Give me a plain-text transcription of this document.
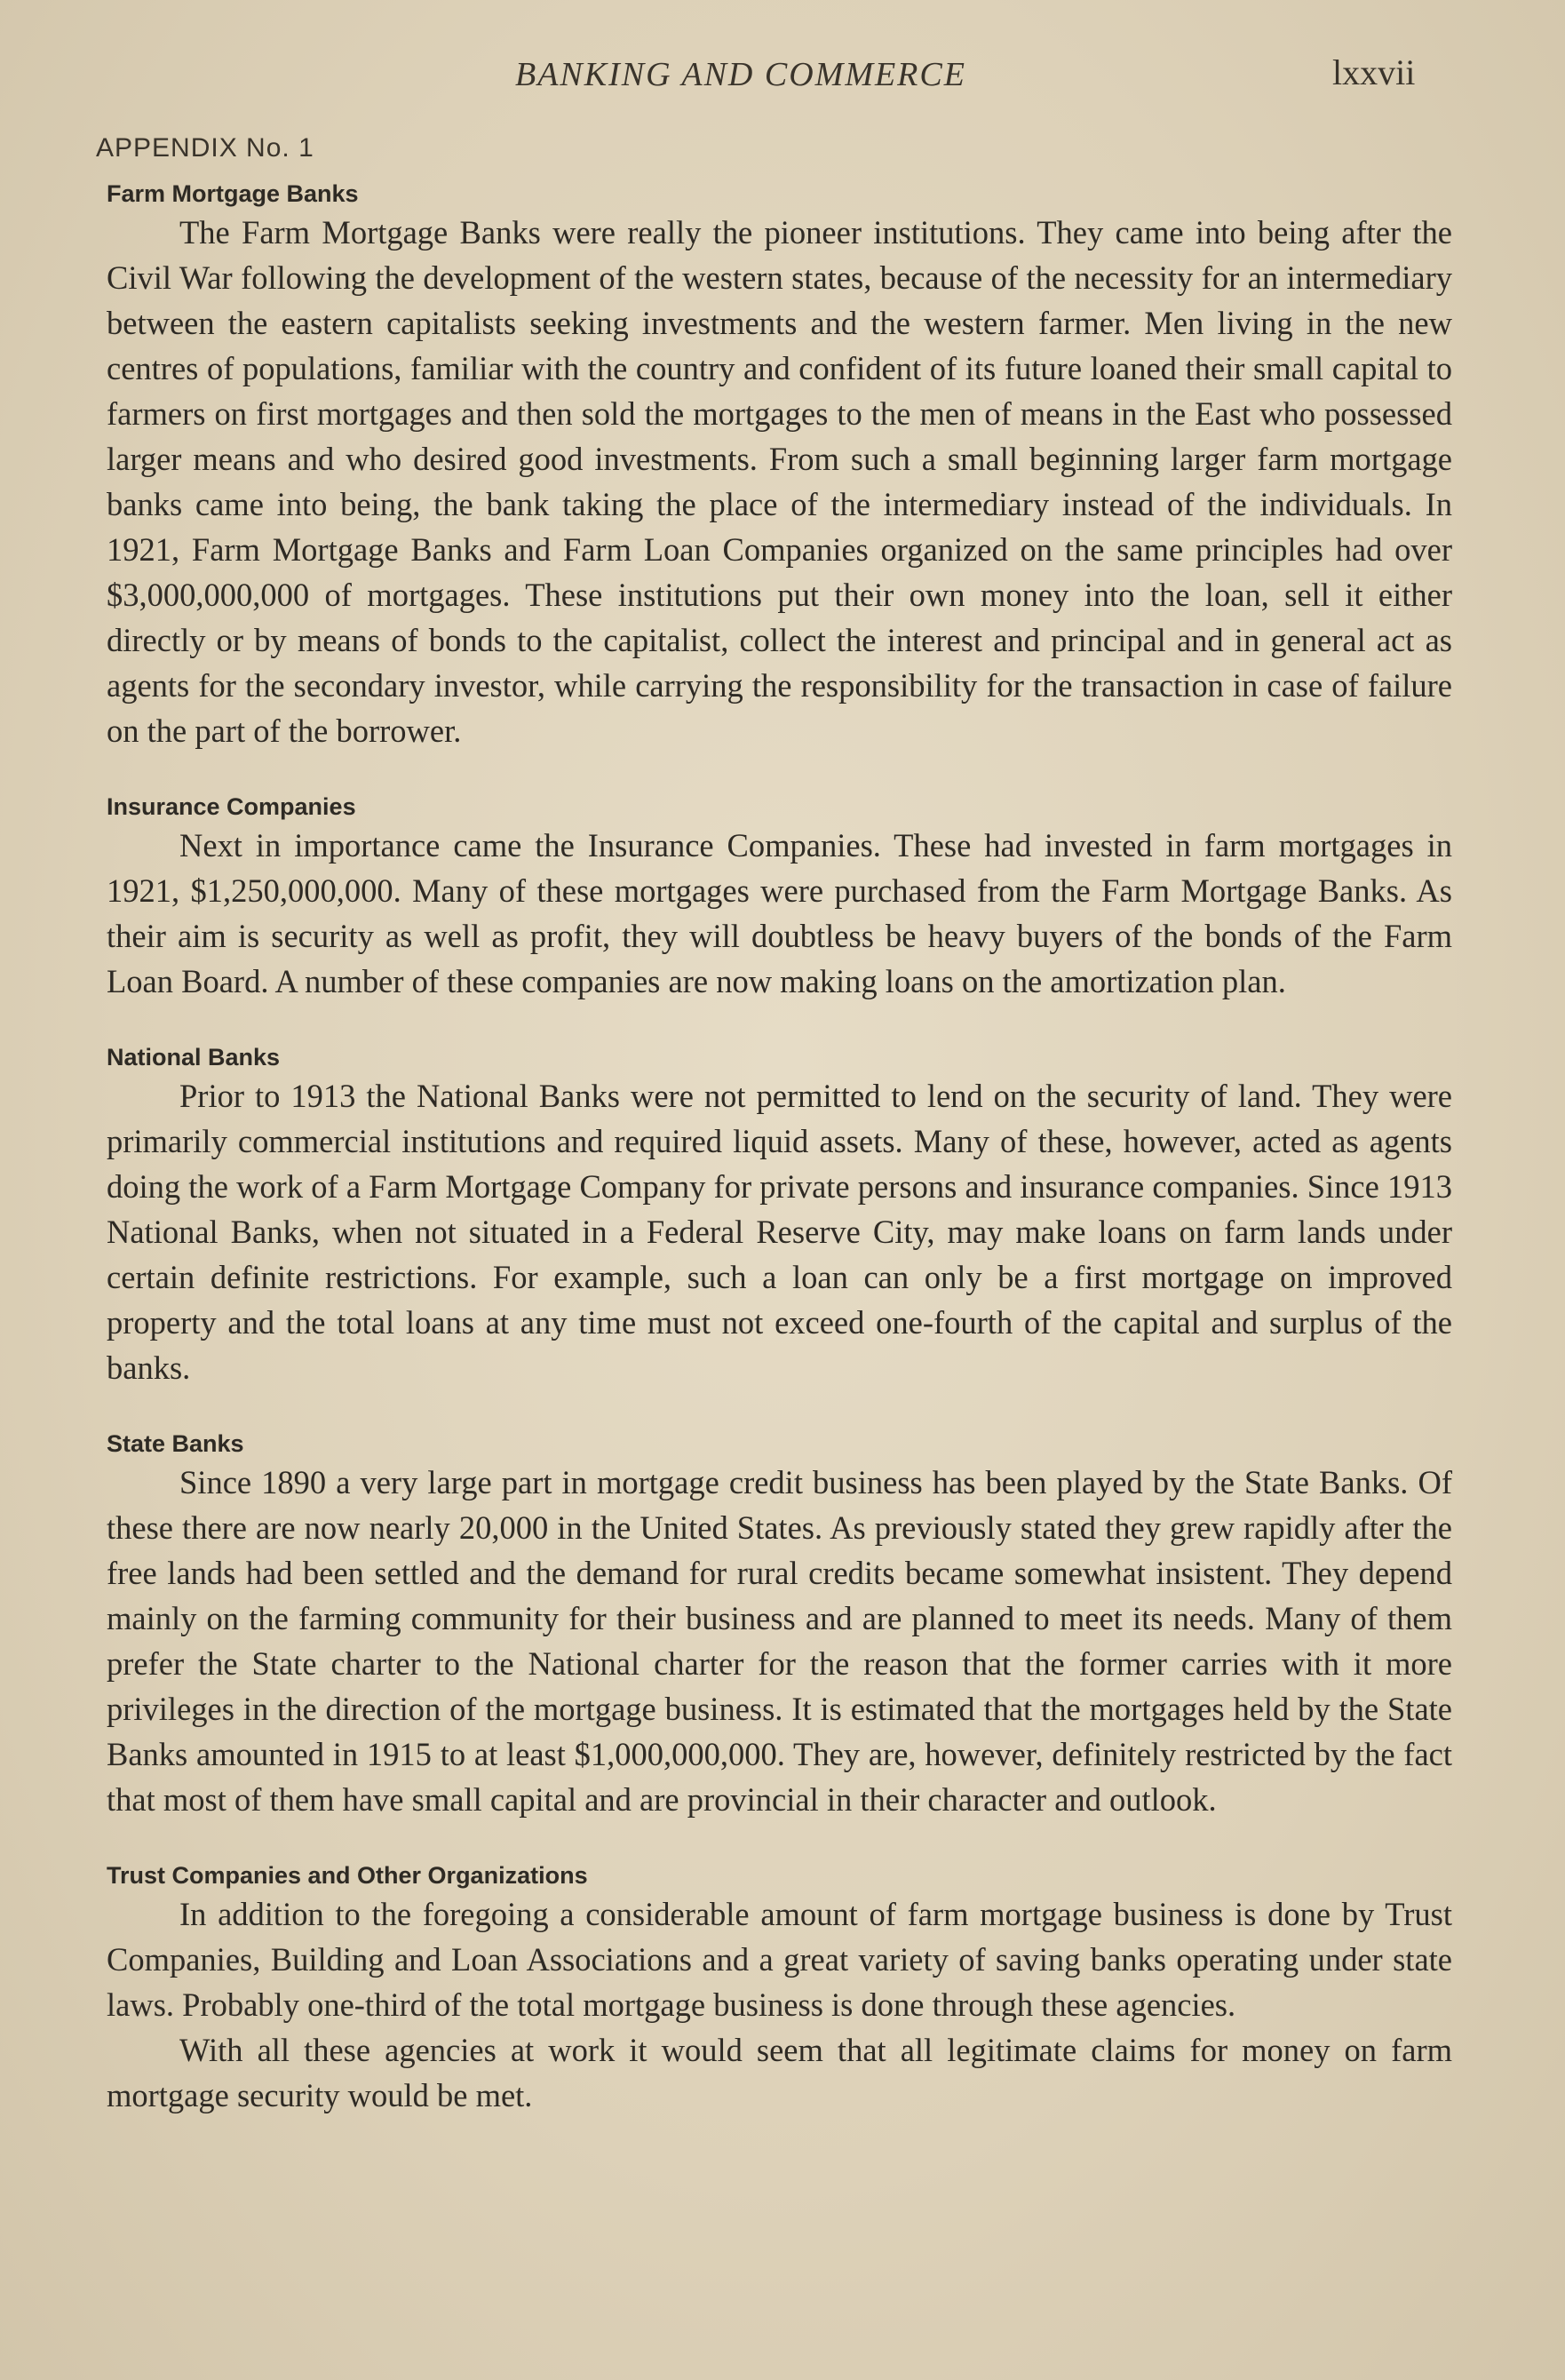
BANKING AND COMMERCE	lxxvii
APPENDIX No. 1
Farm Mortgage Banks

The Farm Mortgage Banks were really the pioneer institutions. They came into being after the Civil War following the development of the western states, because of the necessity for an intermediary between the eastern capitalists seeking investments and the western farmer. Men living in the new centres of populations, familiar with the country and confident of its future loaned their small capital to farmers on first mortgages and then sold the mortgages to the men of means in the East who possessed larger means and who desired good investments. From such a small beginning larger farm mortgage banks came into being, the bank taking the place of the intermediary instead of the individuals. In 1921, Farm Mortgage Banks and Farm Loan Companies organized on the same principles had over $3,000,000,000 of mortgages. These institutions put their own money into the loan, sell it either directly or by means of bonds to the capitalist, collect the interest and principal and in general act as agents for the secondary investor, while carrying the responsibility for the transaction in case of failure on the part of the borrower.

Insurance Companies

Next in importance came the Insurance Companies. These had invested in farm mortgages in 1921, $1,250,000,000. Many of these mortgages were purchased from the Farm Mortgage Banks. As their aim is security as well as profit, they will doubtless be heavy buyers of the bonds of the Farm Loan Board. A number of these companies are now making loans on the amortization plan.

National Banks

Prior to 1913 the National Banks were not permitted to lend on the security of land. They were primarily commercial institutions and required liquid assets. Many of these, however, acted as agents doing the work of a Farm Mortgage Company for private persons and insurance companies. Since 1913 National Banks, when not situated in a Federal Reserve City, may make loans on farm lands under certain definite restrictions. For example, such a loan can only be a first mortgage on improved property and the total loans at any time must not exceed one-fourth of the capital and surplus of the banks.

State Banks

Since 1890 a very large part in mortgage credit business has been played by the State Banks. Of these there are now nearly 20,000 in the United States. As previously stated they grew rapidly after the free lands had been settled and the demand for rural credits became somewhat insistent. They depend mainly on the farming community for their business and are planned to meet its needs. Many of them prefer the State charter to the National charter for the reason that the former carries with it more privileges in the direction of the mortgage business. It is estimated that the mortgages held by the State Banks amounted in 1915 to at least $1,000,000,000. They are, however, definitely restricted by the fact that most of them have small capital and are provincial in their character and outlook.

Trust Companies and Other Organizations

In addition to the foregoing a considerable amount of farm mortgage business is done by Trust Companies, Building and Loan Associations and a great variety of saving banks operating under state laws. Probably one-third of the total mortgage business is done through these agencies.

With all these agencies at work it would seem that all legitimate claims for money on farm mortgage security would be met.
